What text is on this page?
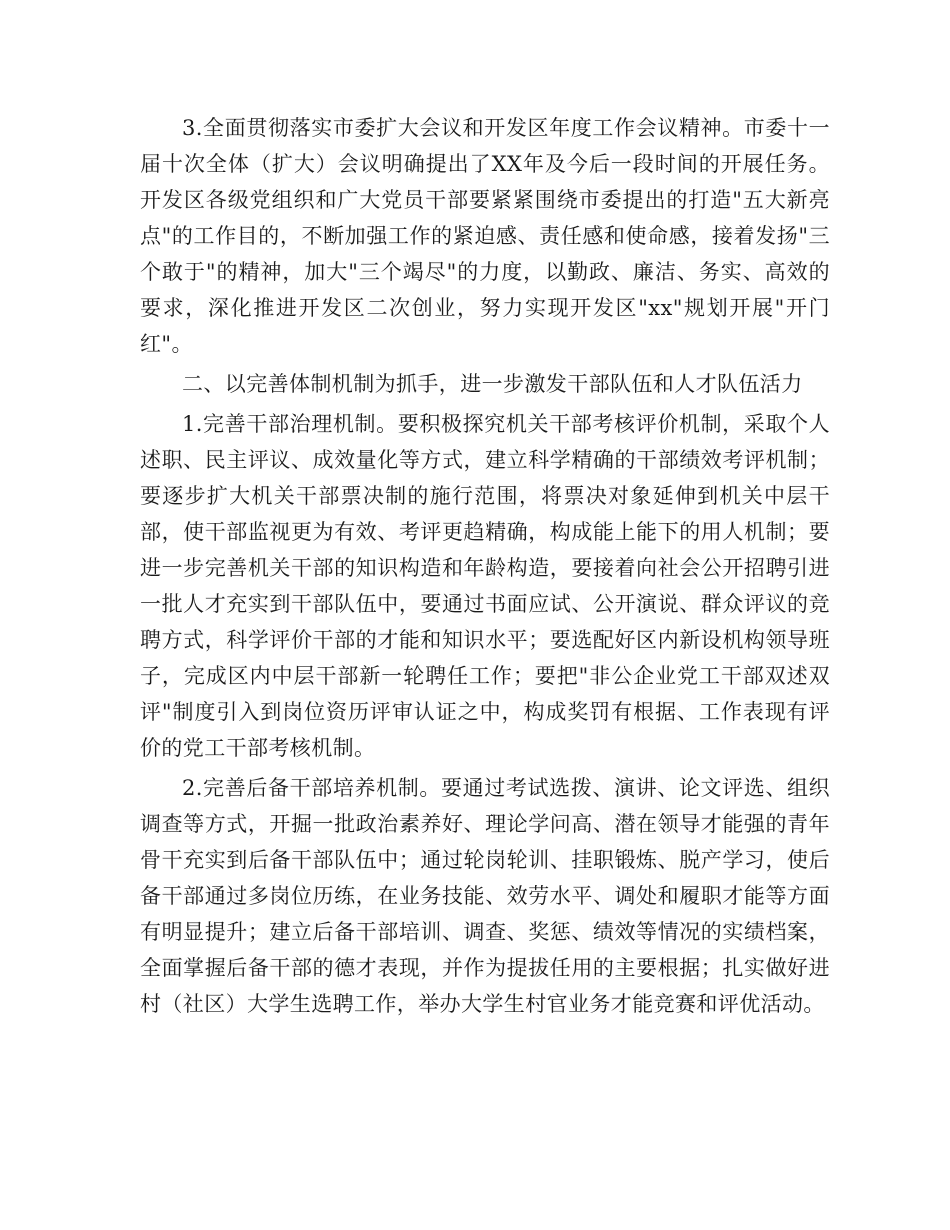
3.全面贯彻落实市委扩大会议和开发区年度工作会议精神。市委十一届十次全体（扩大）会议明确提出了XX年及今后一段时间的开展任务。开发区各级党组织和广大党员干部要紧紧围绕市委提出的打造"五大新亮点"的工作目的，不断加强工作的紧迫感、责任感和使命感，接着发扬"三个敢于"的精神，加大"三个竭尽"的力度，以勤政、廉洁、务实、高效的要求，深化推进开发区二次创业，努力实现开发区"xx"规划开展"开门红"。

二、以完善体制机制为抓手，进一步激发干部队伍和人才队伍活力

1.完善干部治理机制。要积极探究机关干部考核评价机制，采取个人述职、民主评议、成效量化等方式，建立科学精确的干部绩效考评机制；要逐步扩大机关干部票决制的施行范围，将票决对象延伸到机关中层干部，使干部监视更为有效、考评更趋精确，构成能上能下的用人机制；要进一步完善机关干部的知识构造和年龄构造，要接着向社会公开招聘引进一批人才充实到干部队伍中，要通过书面应试、公开演说、群众评议的竞聘方式，科学评价干部的才能和知识水平；要选配好区内新设机构领导班子，完成区内中层干部新一轮聘任工作；要把"非公企业党工干部双述双评"制度引入到岗位资历评审认证之中，构成奖罚有根据、工作表现有评价的党工干部考核机制。

2.完善后备干部培养机制。要通过考试选拨、演讲、论文评选、组织调查等方式，开掘一批政治素养好、理论学问高、潜在领导才能强的青年骨干充实到后备干部队伍中；通过轮岗轮训、挂职锻炼、脱产学习，使后备干部通过多岗位历练，在业务技能、效劳水平、调处和履职才能等方面有明显提升；建立后备干部培训、调查、奖惩、绩效等情况的实绩档案，全面掌握后备干部的德才表现，并作为提拔任用的主要根据；扎实做好进村（社区）大学生选聘工作，举办大学生村官业务才能竞赛和评优活动。
